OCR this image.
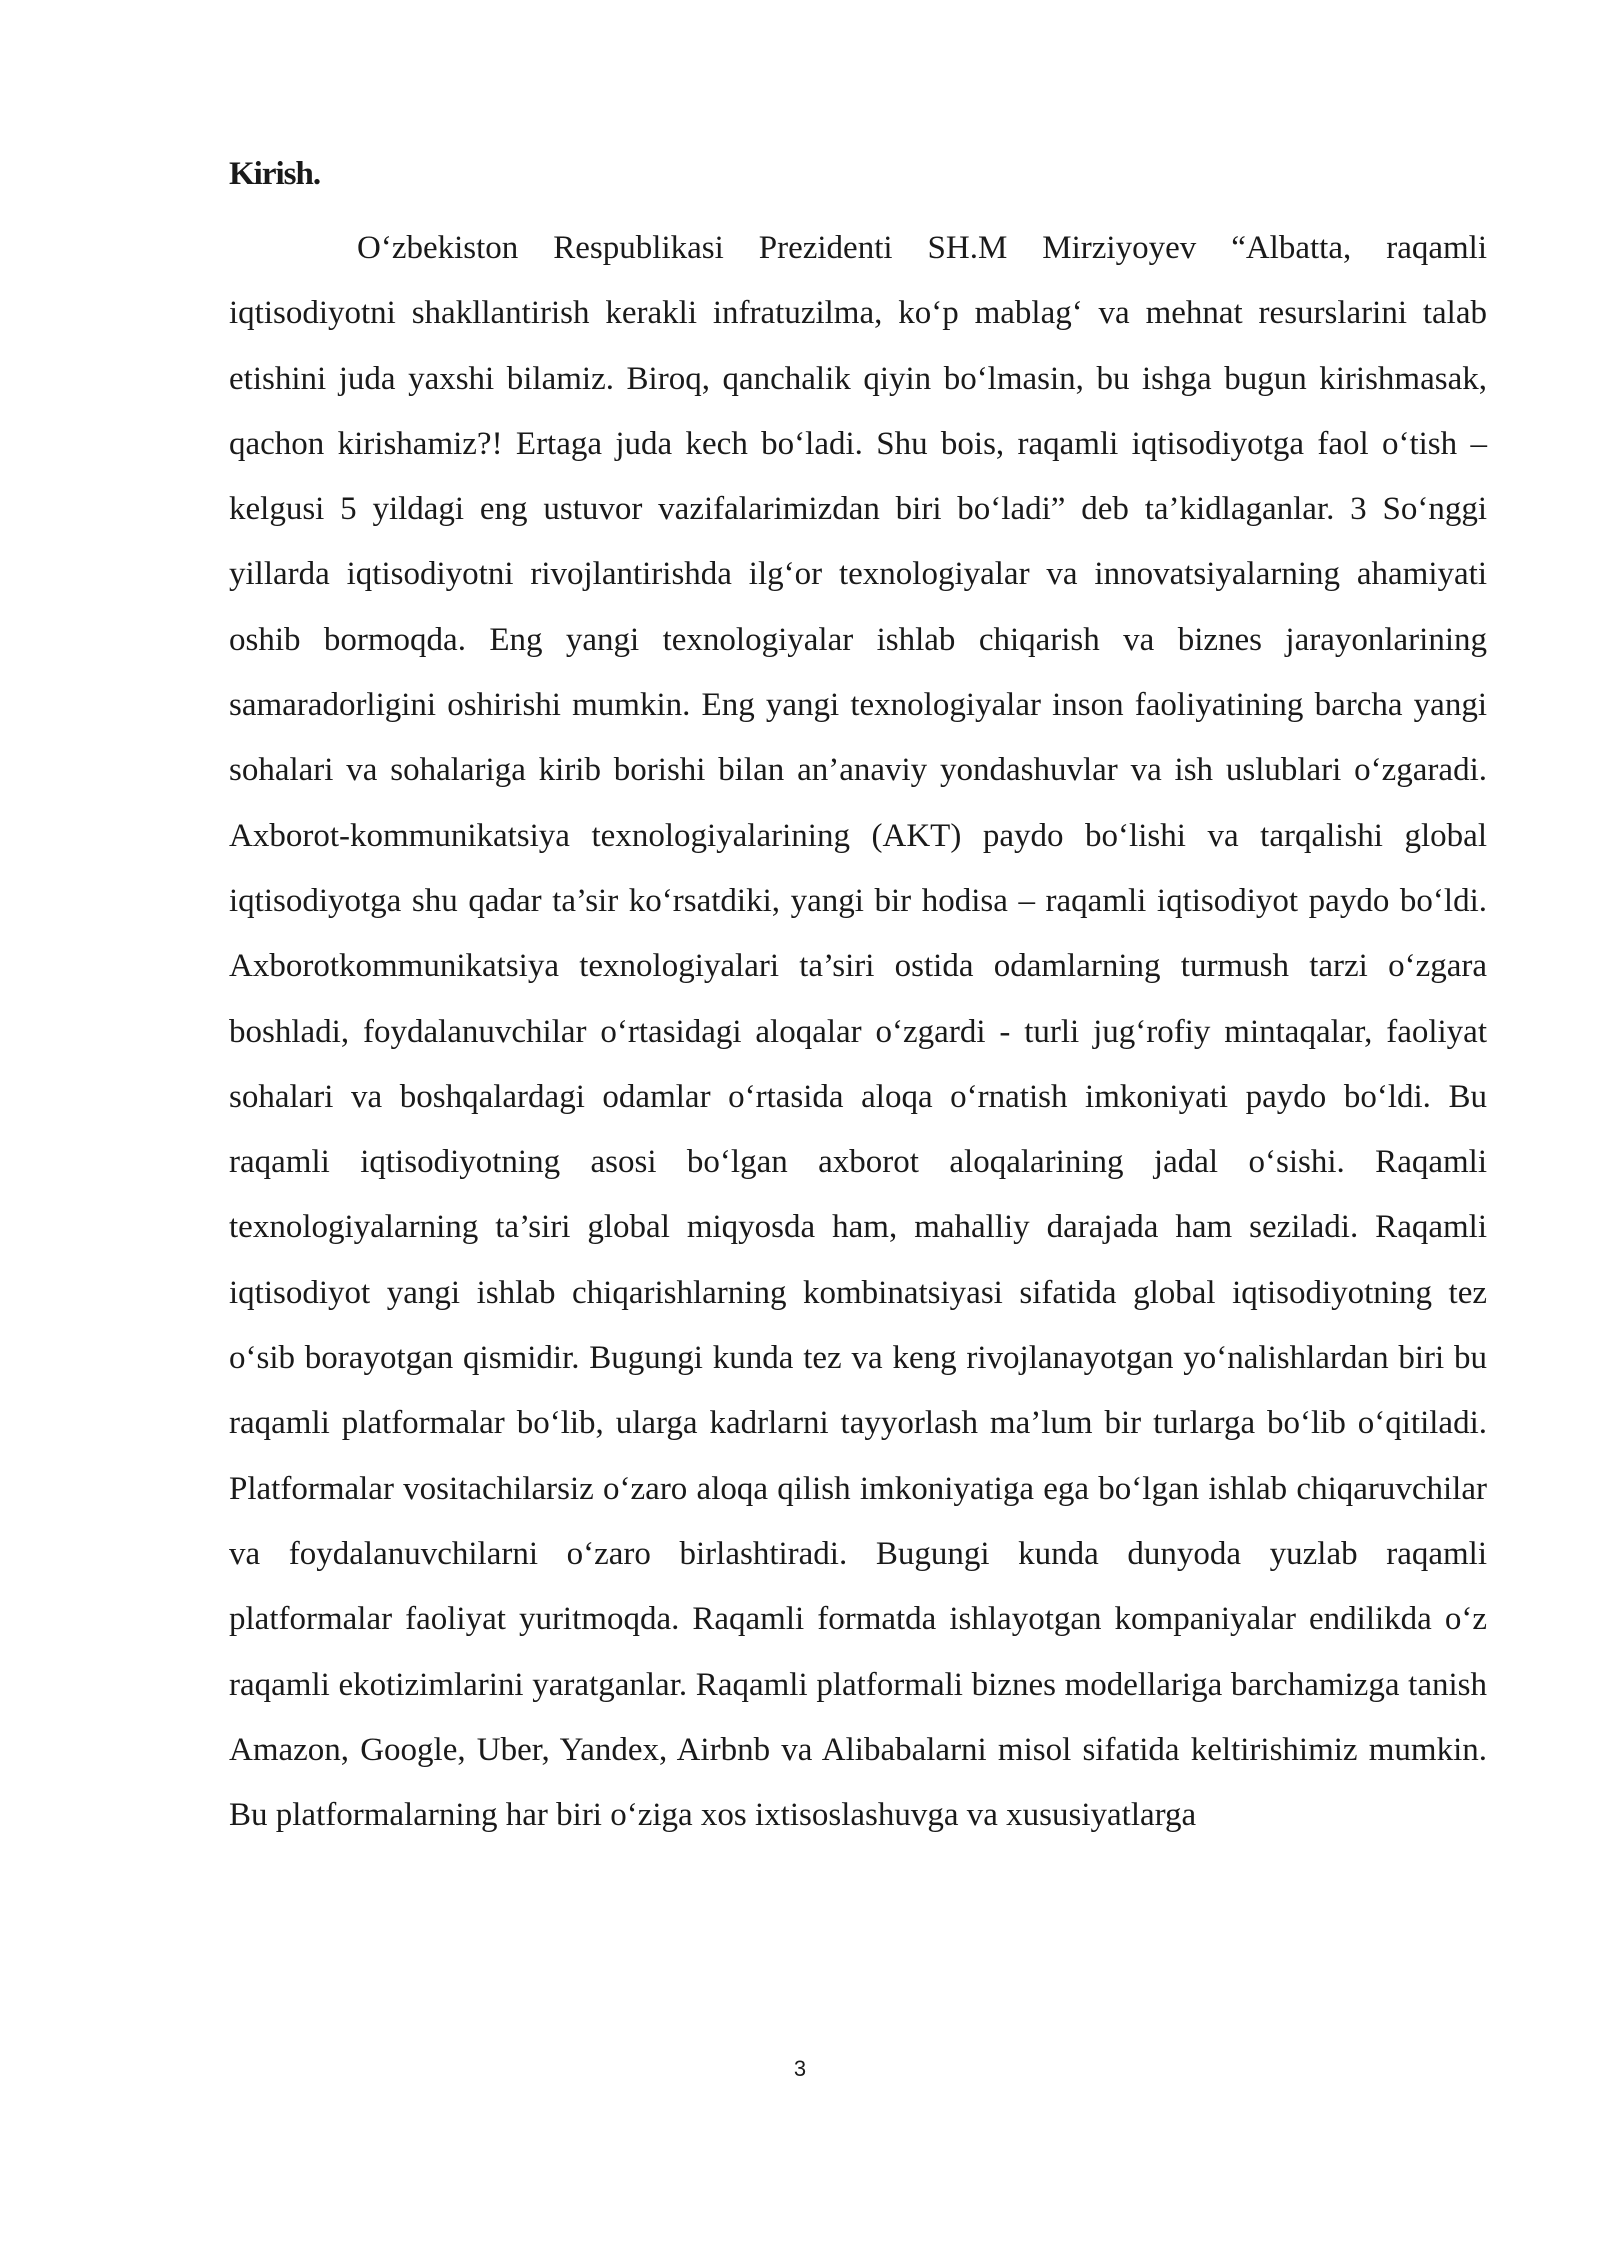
Kirish.

O‘zbekiston Respublikasi Prezidenti SH.M Mirziyoyev “Albatta, raqamli iqtisodiyotni shakllantirish kerakli infratuzilma, ko‘p mablag‘ va mehnat resurslarini talab etishini juda yaxshi bilamiz. Biroq, qanchalik qiyin bo‘lmasin, bu ishga bugun kirishmasak, qachon kirishamiz?! Ertaga juda kech bo‘ladi. Shu bois, raqamli iqtisodiyotga faol o‘tish – kelgusi 5 yildagi eng ustuvor vazifalarimizdan biri bo‘ladi” deb ta’kidlaganlar. 3 So‘nggi yillarda iqtisodiyotni rivojlantirishda ilg‘or texnologiyalar va innovatsiyalarning ahamiyati oshib bormoqda. Eng yangi texnologiyalar ishlab chiqarish va biznes jarayonlarining samaradorligini oshirishi mumkin. Eng yangi texnologiyalar inson faoliyatining barcha yangi sohalari va sohalariga kirib borishi bilan an’anaviy yondashuvlar va ish uslublari o‘zgaradi. Axborot-kommunikatsiya texnologiyalarining (AKT) paydo bo‘lishi va tarqalishi global iqtisodiyotga shu qadar ta’sir ko‘rsatdiki, yangi bir hodisa – raqamli iqtisodiyot paydo bo‘ldi. Axborotkommunikatsiya texnologiyalari ta’siri ostida odamlarning turmush tarzi o‘zgara boshladi, foydalanuvchilar o‘rtasidagi aloqalar o‘zgardi - turli jug‘rofiy mintaqalar, faoliyat sohalari va boshqalardagi odamlar o‘rtasida aloqa o‘rnatish imkoniyati paydo bo‘ldi. Bu raqamli iqtisodiyotning asosi bo‘lgan axborot aloqalarining jadal o‘sishi. Raqamli texnologiyalarning ta’siri global miqyosda ham, mahalliy darajada ham seziladi. Raqamli iqtisodiyot yangi ishlab chiqarishlarning kombinatsiyasi sifatida global iqtisodiyotning tez o‘sib borayotgan qismidir. Bugungi kunda tez va keng rivojlanayotgan yo‘nalishlardan biri bu raqamli platformalar bo‘lib, ularga kadrlarni tayyorlash ma’lum bir turlarga bo‘lib o‘qitiladi. Platformalar vositachilarsiz o‘zaro aloqa qilish imkoniyatiga ega bo‘lgan ishlab chiqaruvchilar va foydalanuvchilarni o‘zaro birlashtiradi. Bugungi kunda dunyoda yuzlab raqamli platformalar faoliyat yuritmoqda. Raqamli formatda ishlayotgan kompaniyalar endilikda o‘z raqamli ekotizimlarini yaratganlar. Raqamli platformali biznes modellariga barchamizga tanish Amazon, Google, Uber, Yandex, Airbnb va Alibabalarni misol sifatida keltirishimiz mumkin. Bu platformalarning har biri o‘ziga xos ixtisoslashuvga va xususiyatlarga

3
